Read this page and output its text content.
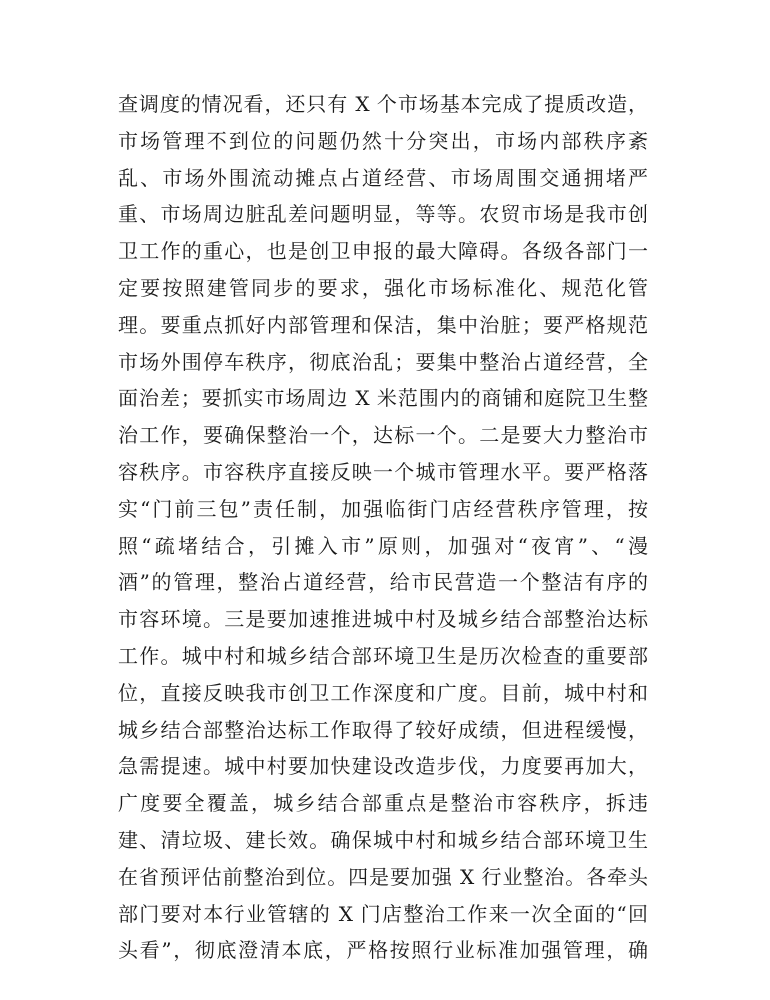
查调度的情况看，还只有 X 个市场基本完成了提质改造，
市场管理不到位的问题仍然十分突出，市场内部秩序紊
乱、市场外围流动摊点占道经营、市场周围交通拥堵严
重、市场周边脏乱差问题明显，等等。农贸市场是我市创
卫工作的重心，也是创卫申报的最大障碍。各级各部门一
定要按照建管同步的要求，强化市场标准化、规范化管
理。要重点抓好内部管理和保洁，集中治脏；要严格规范
市场外围停车秩序，彻底治乱；要集中整治占道经营，全
面治差；要抓实市场周边 X 米范围内的商铺和庭院卫生整
治工作，要确保整治一个，达标一个。二是要大力整治市
容秩序。市容秩序直接反映一个城市管理水平。要严格落
实“门前三包”责任制，加强临街门店经营秩序管理，按
照“疏堵结合，引摊入市”原则，加强对“夜宵”、“漫
酒”的管理，整治占道经营，给市民营造一个整洁有序的
市容环境。三是要加速推进城中村及城乡结合部整治达标
工作。城中村和城乡结合部环境卫生是历次检查的重要部
位，直接反映我市创卫工作深度和广度。目前，城中村和
城乡结合部整治达标工作取得了较好成绩，但进程缓慢，
急需提速。城中村要加快建设改造步伐，力度要再加大，
广度要全覆盖，城乡结合部重点是整治市容秩序，拆违
建、清垃圾、建长效。确保城中村和城乡结合部环境卫生
在省预评估前整治到位。四是要加强 X 行业整治。各牵头
部门要对本行业管辖的 X 门店整治工作来一次全面的“回
头看”，彻底澄清本底，严格按照行业标准加强管理，确
